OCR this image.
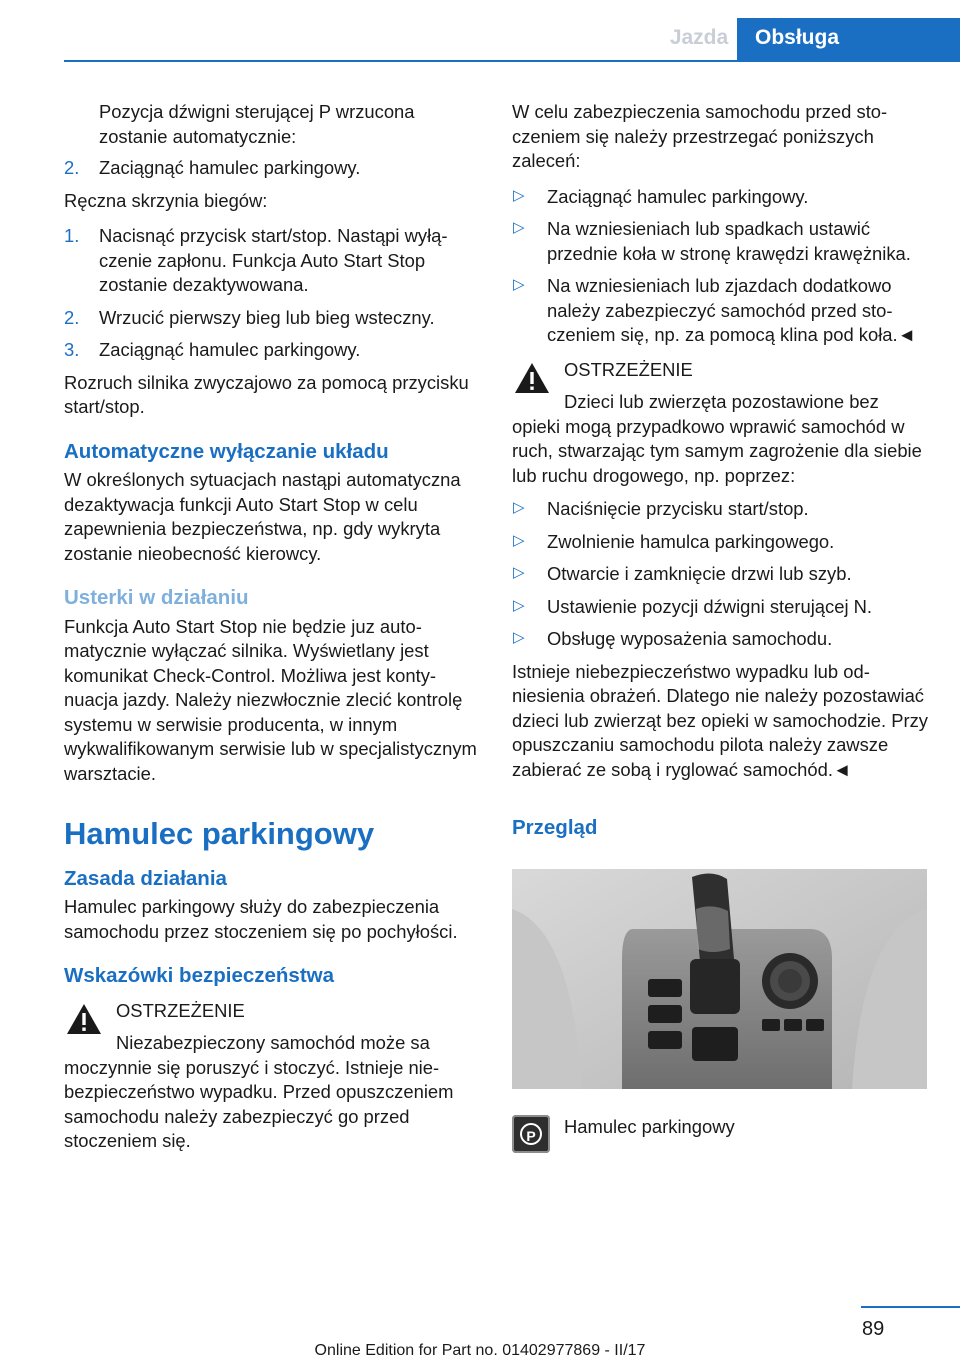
Jazda Obsługa

Pozycja dźwigni sterującej P wrzucona zostanie automatycznie:

2. Zaciągnąć hamulec parkingowy.

Ręczna skrzynia biegów:

1. Nacisnąć przycisk start/stop. Nastąpi wyłączenie zapłonu. Funkcja Auto Start Stop zostanie dezaktywowana.
2. Wrzucić pierwszy bieg lub bieg wsteczny.
3. Zaciągnąć hamulec parkingowy.

Rozruch silnika zwyczajowo za pomocą przycisku start/stop.

Automatyczne wyłączanie układu

W określonych sytuacjach nastąpi automatyczna dezaktywacja funkcji Auto Start Stop w celu zapewnienia bezpieczeństwa, np. gdy wykryta zostanie nieobecność kierowcy.

Usterki w działaniu

Funkcja Auto Start Stop nie będzie juz automatycznie wyłączać silnika. Wyświetlany jest komunikat Check-Control. Możliwa jest kontynuacja jazdy. Należy niezwłocznie zlecić kontrolę systemu w serwisie producenta, w innym wykwalifikowanym serwisie lub w specjalistycznym warsztacie.

Hamulec parkingowy
Zasada działania

Hamulec parkingowy służy do zabezpieczenia samochodu przez stoczeniem się po pochyłości.

Wskazówki bezpieczeństwa
OSTRZEŻENIE
Niezabezpieczony samochód może sa
moczynnie się poruszyć i stoczyć. Istnieje niebezpieczeństwo wypadku. Przed opuszczeniem samochodu należy zabezpieczyć go przed stoczeniem się.

W celu zabezpieczenia samochodu przed stoczeniem się należy przestrzegać poniższych zaleceń:

▷ Zaciągnąć hamulec parkingowy.
▷ Na wzniesieniach lub spadkach ustawić przednie koła w stronę krawędzi krawężnika.
▷ Na wzniesieniach lub zjazdach dodatkowo należy zabezpieczyć samochód przed stoczeniem się, np. za pomocą klina pod koła.◄
OSTRZEŻENIE
Dzieci lub zwierzęta pozostawione bez
opieki mogą przypadkowo wprawić samochód w ruch, stwarzając tym samym zagrożenie dla siebie lub ruchu drogowego, np. poprzez:
▷ Naciśnięcie przycisku start/stop.
▷ Zwolnienie hamulca parkingowego.
▷ Otwarcie i zamknięcie drzwi lub szyb.
▷ Ustawienie pozycji dźwigni sterującej N.
▷ Obsługę wyposażenia samochodu.

Istnieje niebezpieczeństwo wypadku lub odniesienia obrażeń. Dlatego nie należy pozostawiać dzieci lub zwierząt bez opieki w samochodzie. Przy opuszczaniu samochodu pilota należy zawsze zabierać ze sobą i ryglować samochód.◄

Przegląd
P	Hamulec parkingowy
89
Online Edition for Part no. 01402977869 - II/17
